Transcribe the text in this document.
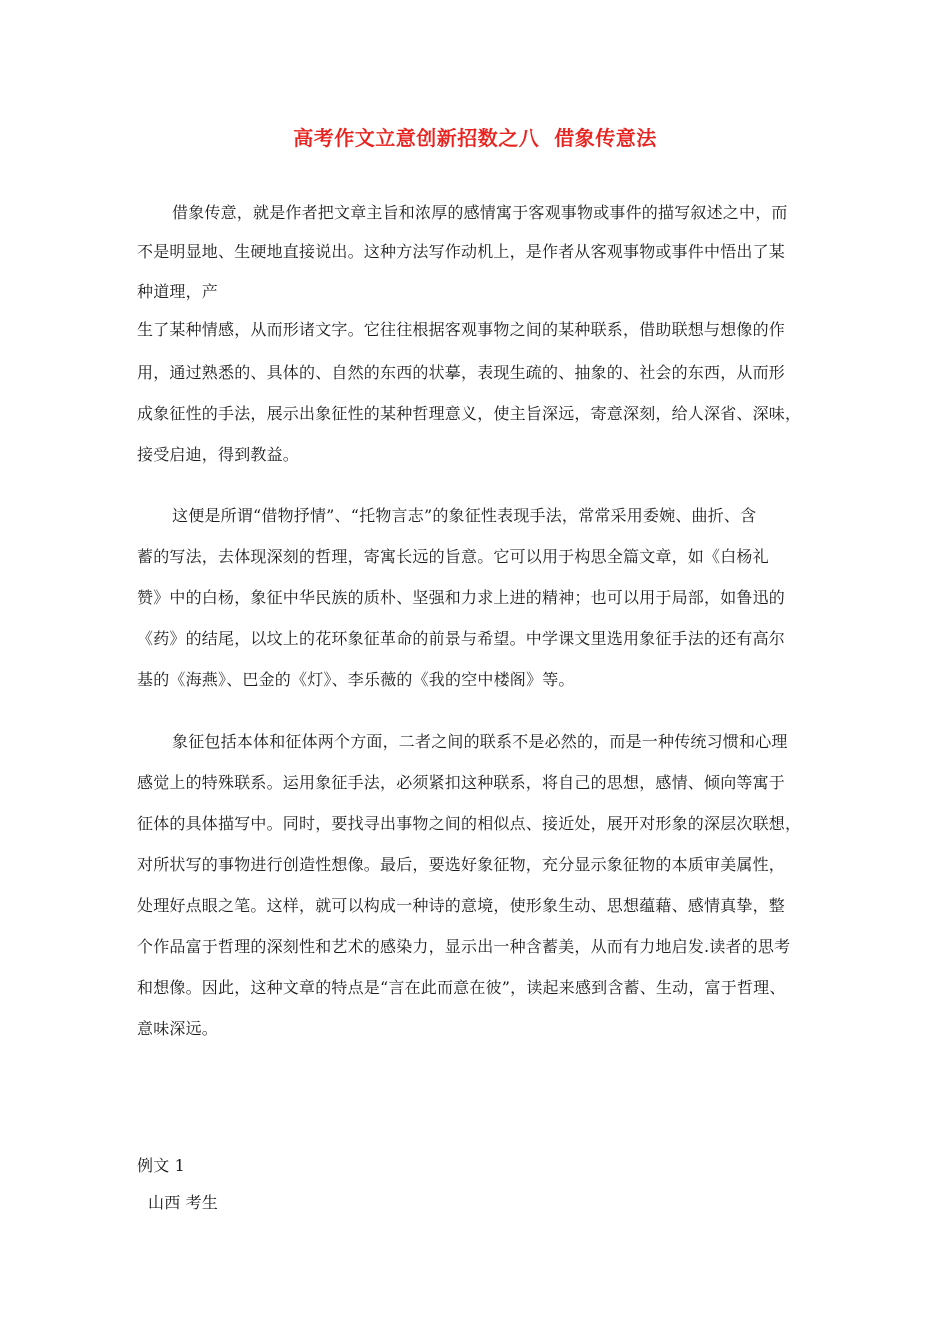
高考作文立意创新招数之八  借象传意法
借象传意，就是作者把文章主旨和浓厚的感情寓于客观事物或事件的描写叙述之中，而
不是明显地、生硬地直接说出。这种方法写作动机上，是作者从客观事物或事件中悟出了某
种道理，产
生了某种情感，从而形诸文字。它往往根据客观事物之间的某种联系，借助联想与想像的作
用，通过熟悉的、具体的、自然的东西的状摹，表现生疏的、抽象的、社会的东西，从而形
成象征性的手法，展示出象征性的某种哲理意义，使主旨深远，寄意深刻，给人深省、深味，
接受启迪，得到教益。
这便是所谓“借物抒情”、“托物言志”的象征性表现手法，常常采用委婉、曲折、含
蓄的写法，去体现深刻的哲理，寄寓长远的旨意。它可以用于构思全篇文章，如《白杨礼
赞》中的白杨，象征中华民族的质朴、坚强和力求上进的精神；也可以用于局部，如鲁迅的
《药》的结尾，以坟上的花环象征革命的前景与希望。中学课文里选用象征手法的还有高尔
基的《海燕》、巴金的《灯》、李乐薇的《我的空中楼阁》等。
象征包括本体和征体两个方面，二者之间的联系不是必然的，而是一种传统习惯和心理
感觉上的特殊联系。运用象征手法，必须紧扣这种联系，将自己的思想，感情、倾向等寓于
征体的具体描写中。同时，要找寻出事物之间的相似点、接近处，展开对形象的深层次联想，
对所状写的事物进行创造性想像。最后，要选好象征物，充分显示象征物的本质审美属性，
处理好点眼之笔。这样，就可以构成一种诗的意境，使形象生动、思想蕴藉、感情真挚，整
个作品富于哲理的深刻性和艺术的感染力，显示出一种含蓄美，从而有力地启发.读者的思考
和想像。因此，这种文章的特点是“言在此而意在彼”，读起来感到含蓄、生动，富于哲理、
意味深远。
例文 1
山西 考生
